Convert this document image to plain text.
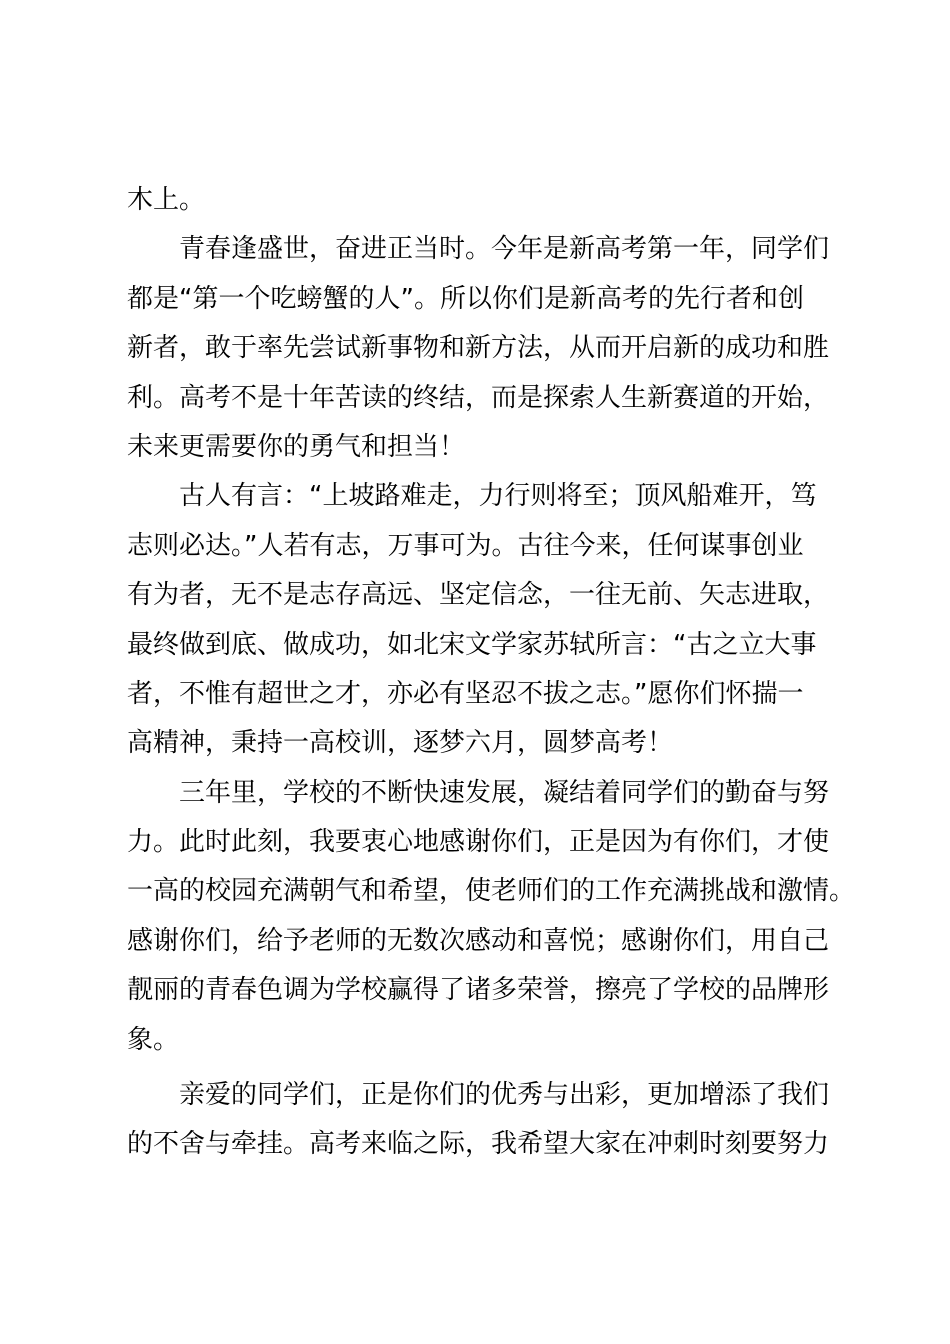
木上。

青春逢盛世，奋进正当时。今年是新高考第一年，同学们

都是“第一个吃螃蟹的人”。所以你们是新高考的先行者和创

新者，敢于率先尝试新事物和新方法，从而开启新的成功和胜

利。高考不是十年苦读的终结，而是探索人生新赛道的开始，

未来更需要你的勇气和担当！

古人有言：“上坡路难走，力行则将至；顶风船难开，笃

志则必达。”人若有志，万事可为。古往今来，任何谋事创业

有为者，无不是志存高远、坚定信念，一往无前、矢志进取，

最终做到底、做成功，如北宋文学家苏轼所言：“古之立大事

者，不惟有超世之才，亦必有坚忍不拔之志。”愿你们怀揣一

高精神，秉持一高校训，逐梦六月，圆梦高考！

三年里，学校的不断快速发展，凝结着同学们的勤奋与努

力。此时此刻，我要衷心地感谢你们，正是因为有你们，才使

一高的校园充满朝气和希望，使老师们的工作充满挑战和激情。

感谢你们，给予老师的无数次感动和喜悦；感谢你们，用自己

靓丽的青春色调为学校赢得了诸多荣誉，擦亮了学校的品牌形

象。

亲爱的同学们，正是你们的优秀与出彩，更加增添了我们

的不舍与牵挂。高考来临之际，我希望大家在冲刺时刻要努力
